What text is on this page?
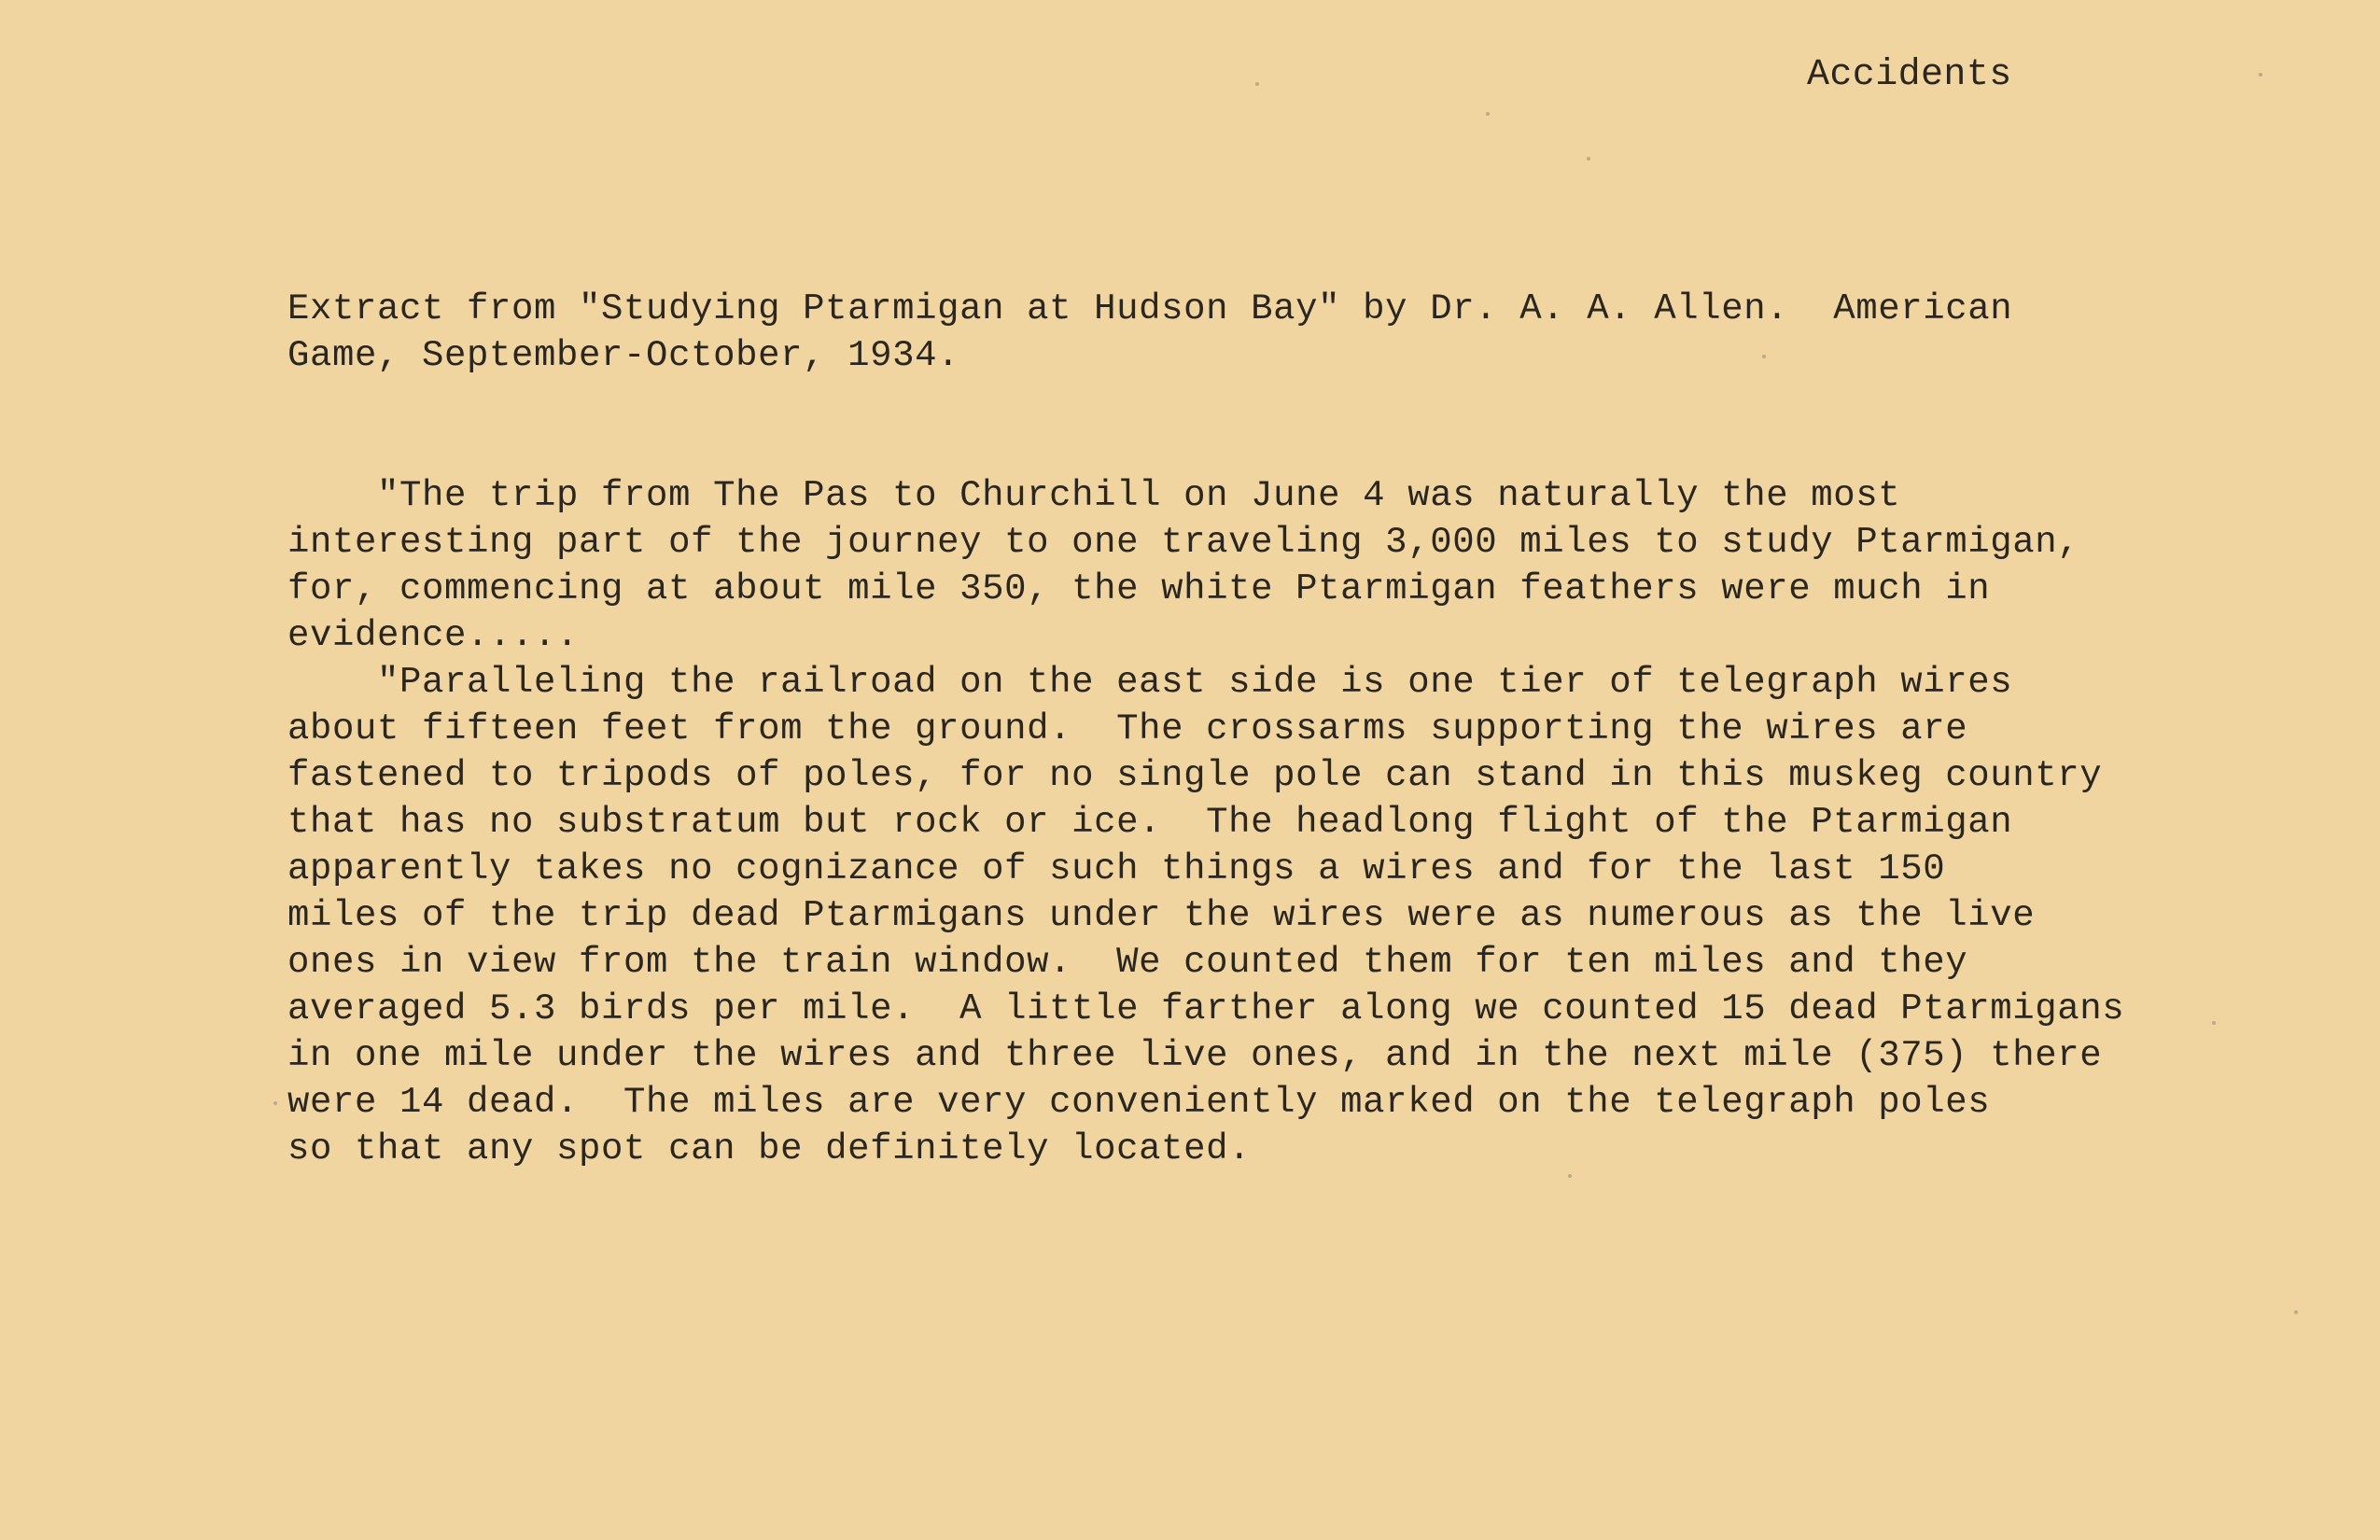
Accidents
Extract from "Studying Ptarmigan at Hudson Bay" by Dr. A. A. Allen.  American
Game, September-October, 1934.
"The trip from The Pas to Churchill on June 4 was naturally the most
interesting part of the journey to one traveling 3,000 miles to study Ptarmigan,
for, commencing at about mile 350, the white Ptarmigan feathers were much in
evidence.....
"Paralleling the railroad on the east side is one tier of telegraph wires
about fifteen feet from the ground.  The crossarms supporting the wires are
fastened to tripods of poles, for no single pole can stand in this muskeg country
that has no substratum but rock or ice.  The headlong flight of the Ptarmigan
apparently takes no cognizance of such things a wires and for the last 150
miles of the trip dead Ptarmigans under the wires were as numerous as the live
ones in view from the train window.  We counted them for ten miles and they
averaged 5.3 birds per mile.  A little farther along we counted 15 dead Ptarmigans
in one mile under the wires and three live ones, and in the next mile (375) there
were 14 dead.  The miles are very conveniently marked on the telegraph poles
so that any spot can be definitely located.
